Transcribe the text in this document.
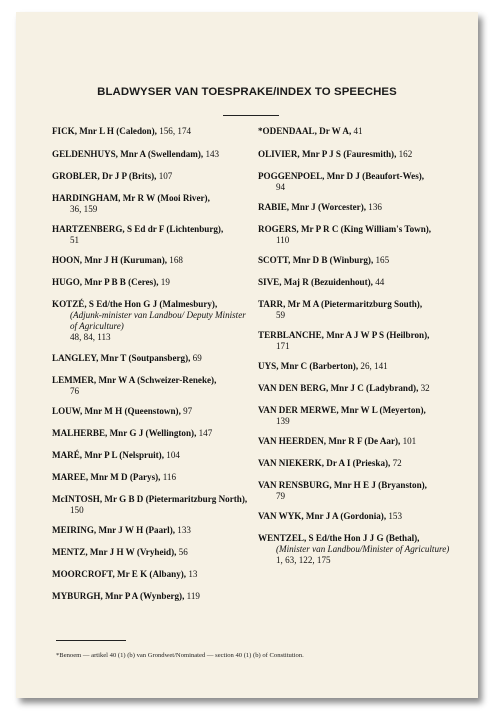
BLADWYSER VAN TOESPRAKE/INDEX TO SPEECHES
FICK, Mnr L H (Caledon) , 156, 174
GELDENHUYS, Mnr A (Swellendam) , 143
GROBLER, Dr J P (Brits) , 107
HARDINGHAM, Mr R W (Mooi River) ,
36, 159
HARTZENBERG, S Ed dr F (Lichtenburg) ,
51
HOON, Mnr J H (Kuruman) , 168
HUGO, Mnr P B B (Ceres) , 19
KOTZÉ, S Ed/the Hon G J (Malmesbury) ,
(Adjunk-minister van Landbou/ Deputy Minister of Agriculture)
48, 84, 113
LANGLEY, Mnr T (Soutpansberg) , 69
LEMMER, Mnr W A (Schweizer-Reneke) ,
76
LOUW, Mnr M H (Queenstown) , 97
MALHERBE, Mnr G J (Wellington) , 147
MARÉ, Mnr P L (Nelspruit) , 104
MAREE, Mnr M D (Parys) , 116
McINTOSH, Mr G B D (Pietermaritzburg North) ,
150
MEIRING, Mnr J W H (Paarl) , 133
MENTZ, Mnr J H W (Vryheid) , 56
MOORCROFT, Mr E K (Albany) , 13
MYBURGH, Mnr P A (Wynberg) , 119
*ODENDAAL, Dr W A , 41
OLIVIER, Mnr P J S (Fauresmith) , 162
POGGENPOEL, Mnr D J (Beaufort-Wes) ,
94
RABIE, Mnr J (Worcester) , 136
ROGERS, Mr P R C (King William's Town) ,
110
SCOTT, Mnr D B (Winburg) , 165
SIVE, Maj R (Bezuidenhout) , 44
TARR, Mr M A (Pietermaritzburg South) ,
59
TERBLANCHE, Mnr A J W P S (Heilbron) ,
171
UYS, Mnr C (Barberton) , 26, 141
VAN DEN BERG, Mnr J C (Ladybrand) , 32
VAN DER MERWE, Mnr W L (Meyerton) ,
139
VAN HEERDEN, Mnr R F (De Aar) , 101
VAN NIEKERK, Dr A I (Prieska) , 72
VAN RENSBURG, Mnr H E J (Bryanston) ,
79
VAN WYK, Mnr J A (Gordonia) , 153
WENTZEL, S Ed/the Hon J J G (Bethal) ,
(Minister van Landbou/Minister of Agriculture)
1, 63, 122, 175
*Benoem — artikel 40 (1) (b) van Grondwet/Nominated — section 40 (1) (b) of Constitution.
